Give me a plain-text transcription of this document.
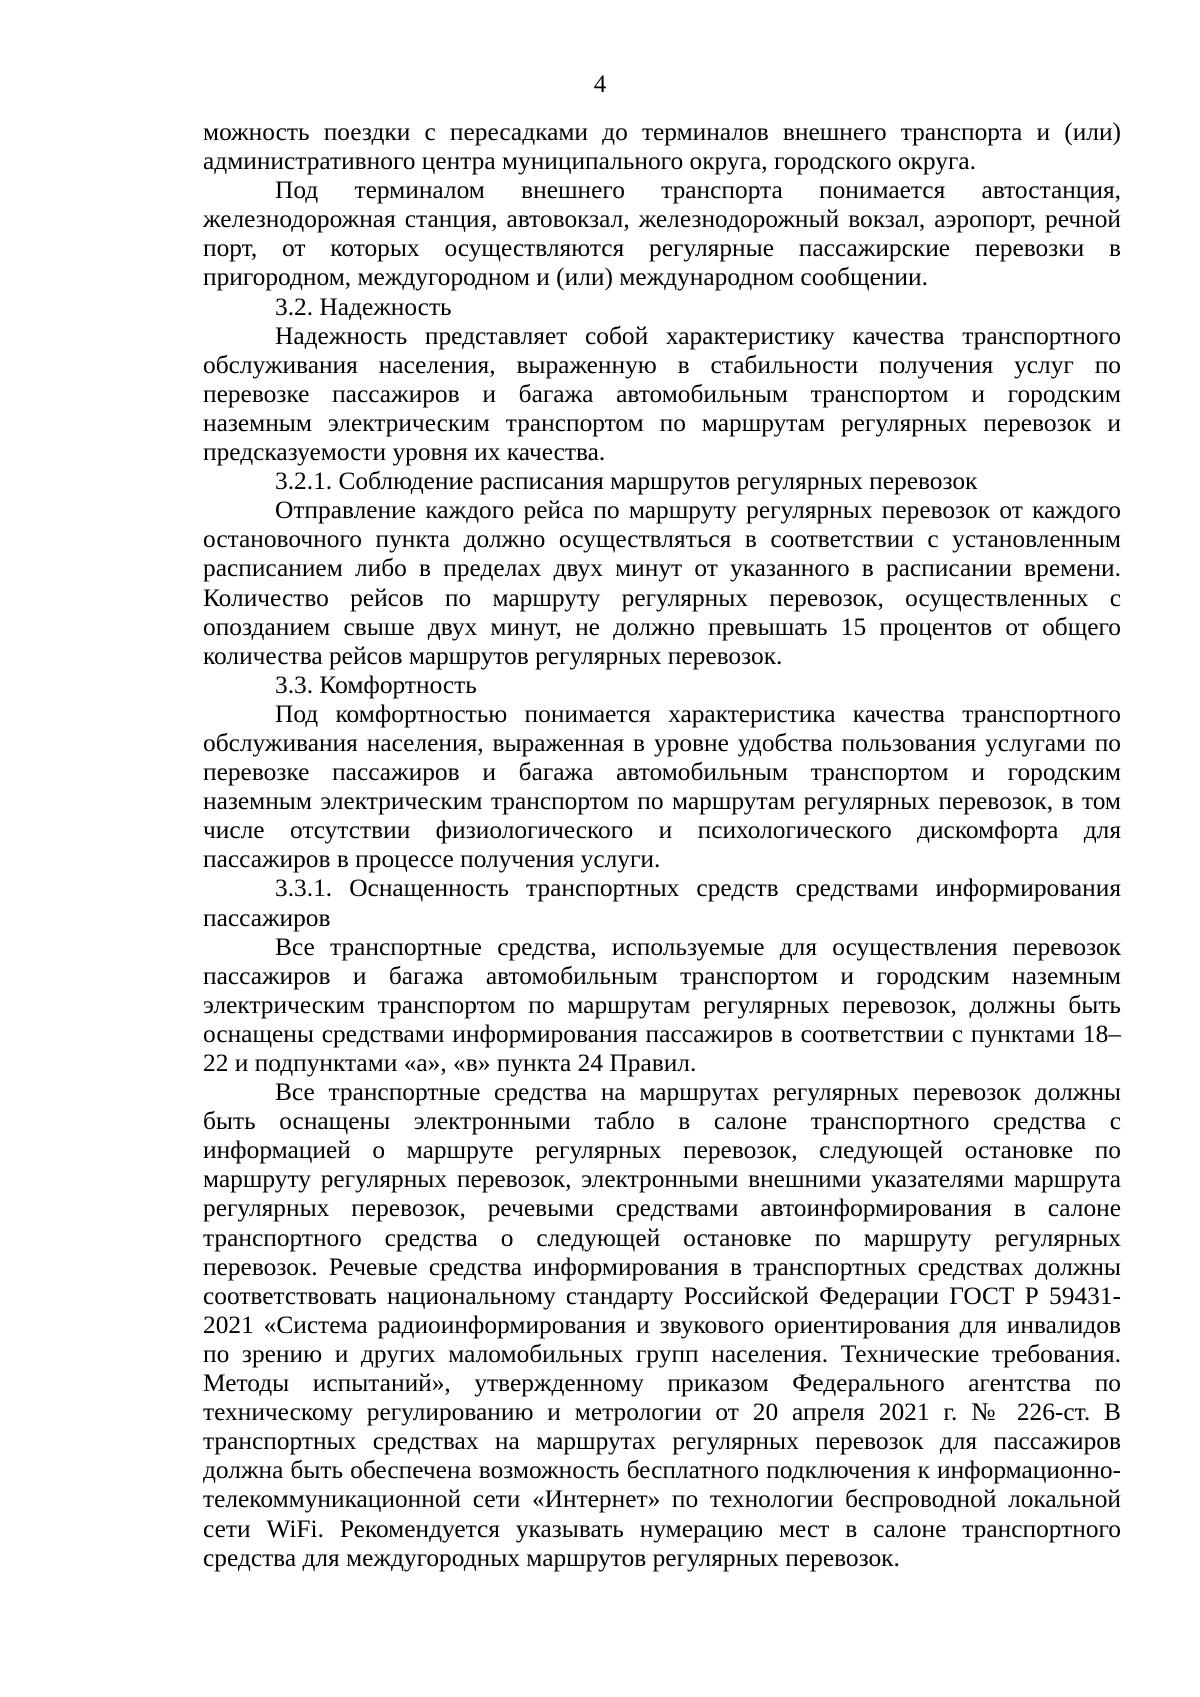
4

можность поездки с пересадками до терминалов внешнего транспорта и (или) административного центра муниципального округа, городского округа.

Под терминалом внешнего транспорта понимается автостанция, железнодорожная станция, автовокзал, железнодорожный вокзал, аэропорт, речной порт, от которых осуществляются регулярные пассажирские перевозки в пригородном, междугородном и (или) международном сообщении.

3.2. Надежность

Надежность представляет собой характеристику качества транспортного обслуживания населения, выраженную в стабильности получения услуг по перевозке пассажиров и багажа автомобильным транспортом и городским наземным электрическим транспортом по маршрутам регулярных перевозок и предсказуемости уровня их качества.

3.2.1. Соблюдение расписания маршрутов регулярных перевозок

Отправление каждого рейса по маршруту регулярных перевозок от каждого остановочного пункта должно осуществляться в соответствии с установленным расписанием либо в пределах двух минут от указанного в расписании времени. Количество рейсов по маршруту регулярных перевозок, осуществленных с опозданием свыше двух минут, не должно превышать 15 процентов от общего количества рейсов маршрутов регулярных перевозок.

3.3. Комфортность

Под комфортностью понимается характеристика качества транспортного обслуживания населения, выраженная в уровне удобства пользования услугами по перевозке пассажиров и багажа автомобильным транспортом и городским наземным электрическим транспортом по маршрутам регулярных перевозок, в том числе отсутствии физиологического и психологического дискомфорта для пассажиров в процессе получения услуги.

3.3.1. Оснащенность транспортных средств средствами информирования пассажиров

Все транспортные средства, используемые для осуществления перевозок пассажиров и багажа автомобильным транспортом и городским наземным электрическим транспортом по маршрутам регулярных перевозок, должны быть оснащены средствами информирования пассажиров в соответствии с пунктами 18–22 и подпунктами «а», «в» пункта 24 Правил.

Все транспортные средства на маршрутах регулярных перевозок должны быть оснащены электронными табло в салоне транспортного средства с информацией о маршруте регулярных перевозок, следующей остановке по маршруту регулярных перевозок, электронными внешними указателями маршрута регулярных перевозок, речевыми средствами автоинформирования в салоне транспортного средства о следующей остановке по маршруту регулярных перевозок. Речевые средства информирования в транспортных средствах должны соответствовать национальному стандарту Российской Федерации ГОСТ Р 59431-2021 «Система радиоинформирования и звукового ориентирования для инвалидов по зрению и других маломобильных групп населения. Технические требования. Методы испытаний», утвержденному приказом Федерального агентства по техническому регулированию и метрологии от 20 апреля 2021 г. № 226-ст. В транспортных средствах на маршрутах регулярных перевозок для пассажиров должна быть обеспечена возможность бесплатного подключения к информационно-телекоммуникационной сети «Интернет» по технологии беспроводной локальной сети WiFi. Рекомендуется указывать нумерацию мест в салоне транспортного средства для междугородных маршрутов регулярных перевозок.
